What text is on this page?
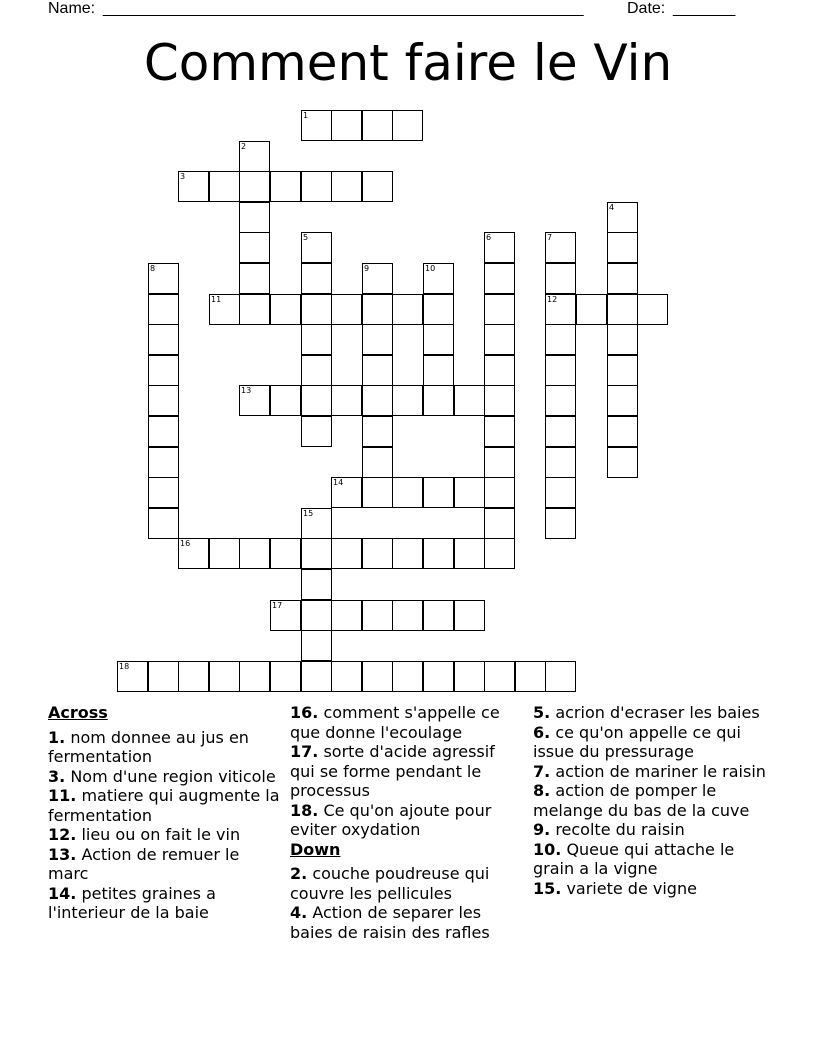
Name: ______________________________________________________	Date: _______
Comment faire le Vin
1
2
3
4
5	6	7
12
8	9	10
11
13
14
15
16
17
18
Across
1. nom donnee au jus en fermentation
3. Nom d'une region viticole
11. matiere qui augmente la fermentation
12. lieu ou on fait le vin
13. Action de remuer le marc
14. petites graines a l'interieur de la baie
16. comment s'appelle ce que donne l'ecoulage
17. sorte d'acide agressif qui se forme pendant le processus
18. Ce qu'on ajoute pour eviter oxydation
Down
2. couche poudreuse qui couvre les pellicules
4. Action de separer les baies de raisin des rafles
5. acrion d'ecraser les baies
6. ce qu'on appelle ce qui issue du pressurage
7. action de mariner le raisin
8. action de pomper le melange du bas de la cuve
9. recolte du raisin
10. Queue qui attache le grain a la vigne
15. variete de vigne
